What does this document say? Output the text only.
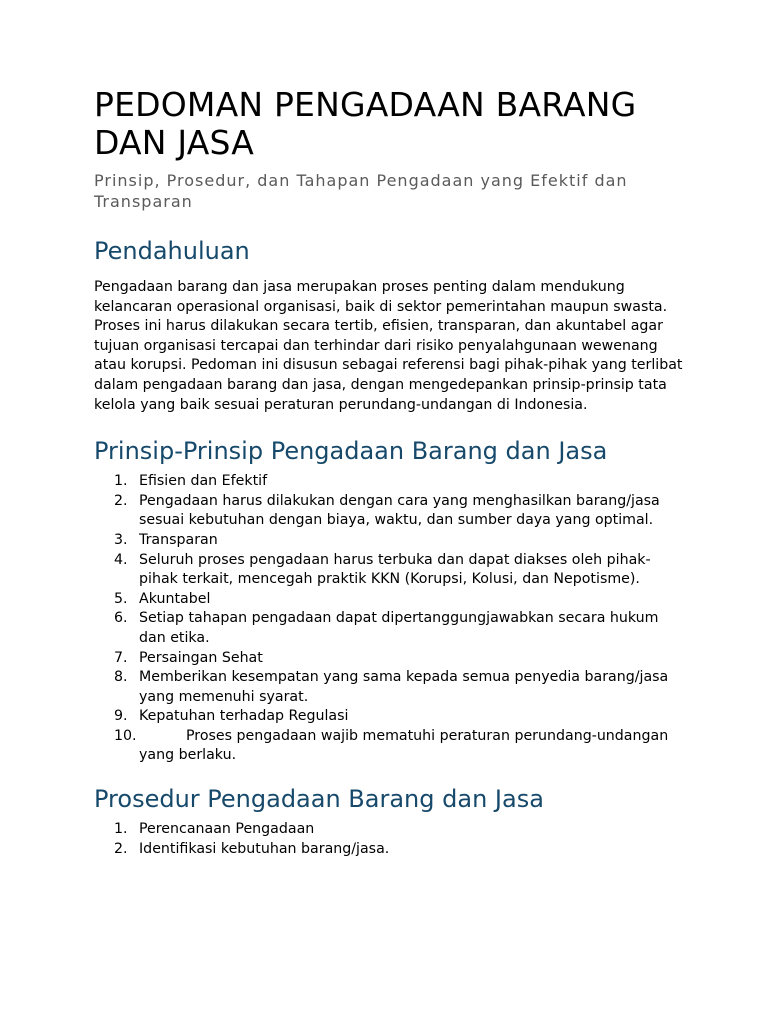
PEDOMAN PENGADAAN BARANG DAN JASA

Prinsip, Prosedur, dan Tahapan Pengadaan yang Efektif dan Transparan

Pendahuluan

Pengadaan barang dan jasa merupakan proses penting dalam mendukung kelancaran operasional organisasi, baik di sektor pemerintahan maupun swasta. Proses ini harus dilakukan secara tertib, efisien, transparan, dan akuntabel agar tujuan organisasi tercapai dan terhindar dari risiko penyalahgunaan wewenang atau korupsi. Pedoman ini disusun sebagai referensi bagi pihak-pihak yang terlibat dalam pengadaan barang dan jasa, dengan mengedepankan prinsip-prinsip tata kelola yang baik sesuai peraturan perundang-undangan di Indonesia.

Prinsip-Prinsip Pengadaan Barang dan Jasa
1. Efisien dan Efektif
2. Pengadaan harus dilakukan dengan cara yang menghasilkan barang/jasa sesuai kebutuhan dengan biaya, waktu, dan sumber daya yang optimal.
3. Transparan
4. Seluruh proses pengadaan harus terbuka dan dapat diakses oleh pihak-pihak terkait, mencegah praktik KKN (Korupsi, Kolusi, dan Nepotisme).
5. Akuntabel
6. Setiap tahapan pengadaan dapat dipertanggungjawabkan secara hukum dan etika.
7. Persaingan Sehat
8. Memberikan kesempatan yang sama kepada semua penyedia barang/jasa yang memenuhi syarat.
9. Kepatuhan terhadap Regulasi
10.	Proses pengadaan wajib mematuhi peraturan perundang-undangan yang berlaku.
Prosedur Pengadaan Barang dan Jasa
1. Perencanaan Pengadaan
2. Identifikasi kebutuhan barang/jasa.
